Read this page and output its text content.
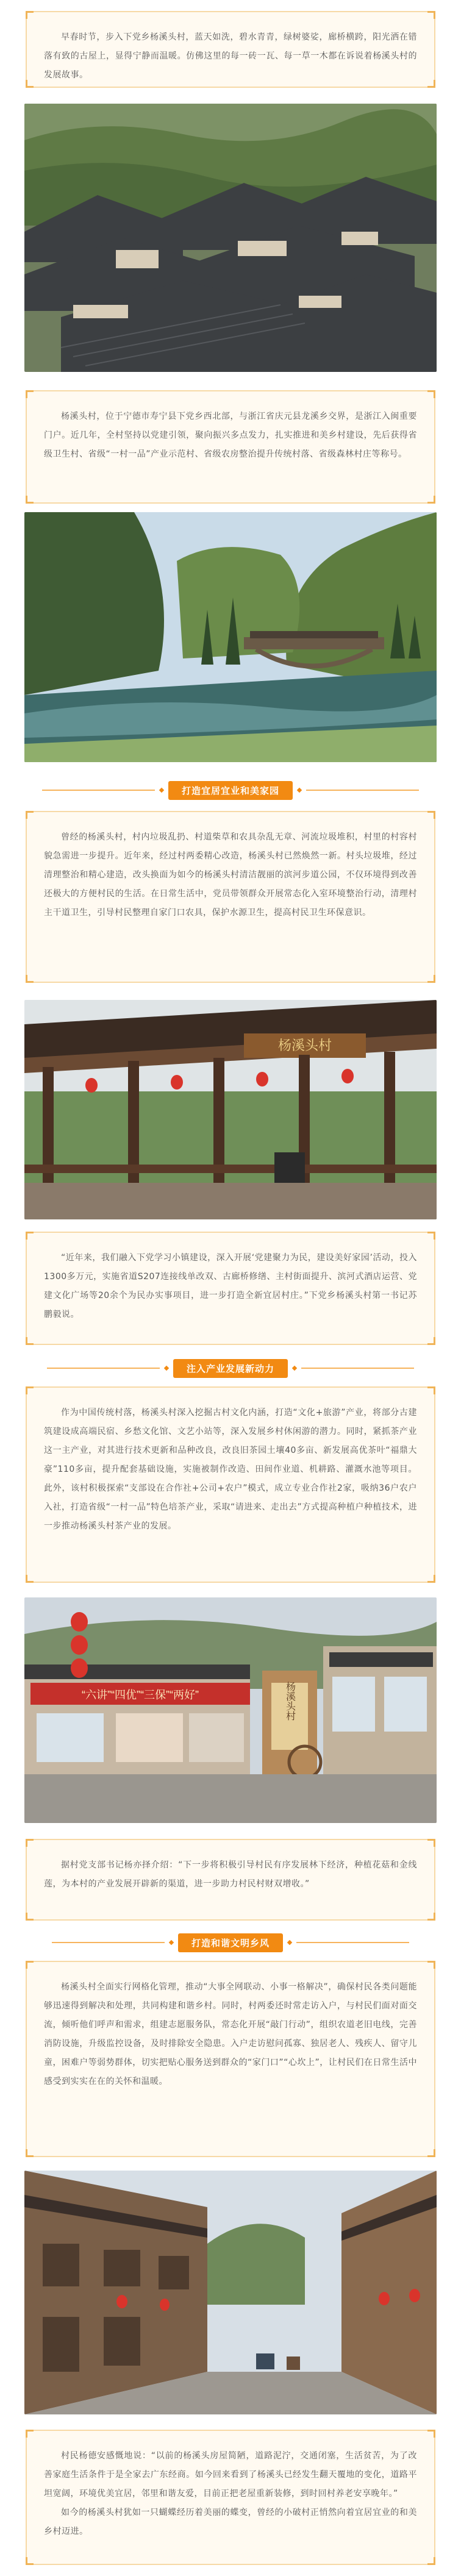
早春时节，步入下党乡杨溪头村，蓝天如洗，碧水青青，绿树婆娑，廊桥横跨，阳光洒在错落有致的古屋上，显得宁静而温暖。仿佛这里的每一砖一瓦、每一草一木都在诉说着杨溪头村的发展故事。

杨溪头村，位于宁德市寿宁县下党乡西北部，与浙江省庆元县龙溪乡交界，是浙江入闽重要门户。近几年，全村坚持以党建引领，聚向振兴多点发力，扎实推进和美乡村建设，先后获得省级卫生村、省级“一村一品”产业示范村、省级农房整治提升传统村落、省级森林村庄等称号。

打造宜居宜业和美家园

曾经的杨溪头村，村内垃圾乱扔、村道柴草和农具杂乱无章、河流垃圾堆积，村里的村容村貌急需进一步提升。近年来，经过村两委精心改造，杨溪头村已然焕然一新。村头垃圾堆，经过清理整治和精心建造，改头换面为如今的杨溪头村清洁靓丽的滨河步道公园，不仅环境得到改善还极大的方便村民的生活。在日常生活中，党员带领群众开展常态化入室环境整治行动，清理村主干道卫生，引导村民整理自家门口农具，保护水源卫生，提高村民卫生环保意识。

杨溪头村

“近年来，我们融入下党学习小镇建设，深入开展‘党建聚力为民，建设美好家园’活动，投入1300多万元，实施省道S207连接线单改双、古廊桥修缮、主村街面提升、滨河式酒店运营、党建文化广场等20余个为民办实事项目，进一步打造全新宜居村庄。”下党乡杨溪头村第一书记苏鹏毅说。

注入产业发展新动力

作为中国传统村落，杨溪头村深入挖掘古村文化内涵，打造“文化+旅游”产业，将部分古建筑建设成高端民宿、乡愁文化馆、文艺小站等，深入发展乡村休闲游的潜力。同时，紧抓茶产业这一主产业，对其进行技术更新和品种改良，改良旧茶园土壤40多亩、新发展高优茶叶“福鼎大豪”110多亩，提升配套基础设施，实施被制作改造、田间作业道、机耕路、灌溉水池等项目。此外，该村积极探索“支部设在合作社+公司+农户”模式，成立专业合作社2家，吸纳36户农户入社，打造省级“一村一品”特色培茶产业，采取“请进来、走出去”方式提高种植户种植技术，进一步推动杨溪头村茶产业的发展。

“六讲”“四优”“三保”“两好”	杨溪头村

据村党支部书记杨亦择介绍：“下一步将积极引导村民有序发展林下经济，种植花菇和金线莲，为本村的产业发展开辟新的渠道，进一步助力村民村财双增收。”

打造和谐文明乡风

杨溪头村全面实行网格化管理，推动“大事全网联动、小事一格解决”，确保村民各类问题能够迅速得到解决和处理，共同构建和谐乡村。同时，村两委还时常走访入户，与村民们面对面交流，倾听他们呼声和需求，组建志愿服务队，常态化开展“敲门行动”，组织农道老旧电线，完善消防设施，升级监控设备，及时排除安全隐患。入户走访慰问孤寡、独居老人、残疾人、留守儿童，困难户等弱势群体，切实把贴心服务送到群众的“家门口”“心坎上”，让村民们在日常生活中感受到实实在在的关怀和温暖。

村民杨德安感慨地说：“以前的杨溪头房屋简陋，道路泥泞，交通闭塞，生活贫苦，为了改善家庭生活条件于是全家去广东经商。如今回来看到了杨溪头已经发生翻天覆地的变化，道路平坦宽阔，环境优美宜居，邻里和谐友爱，目前正把老屋重新装修，到时回村养老安享晚年。”

如今的杨溪头村犹如一只蝴蝶经历着美丽的蝶变，曾经的小破村正悄然向着宜居宜业的和美乡村迈进。
